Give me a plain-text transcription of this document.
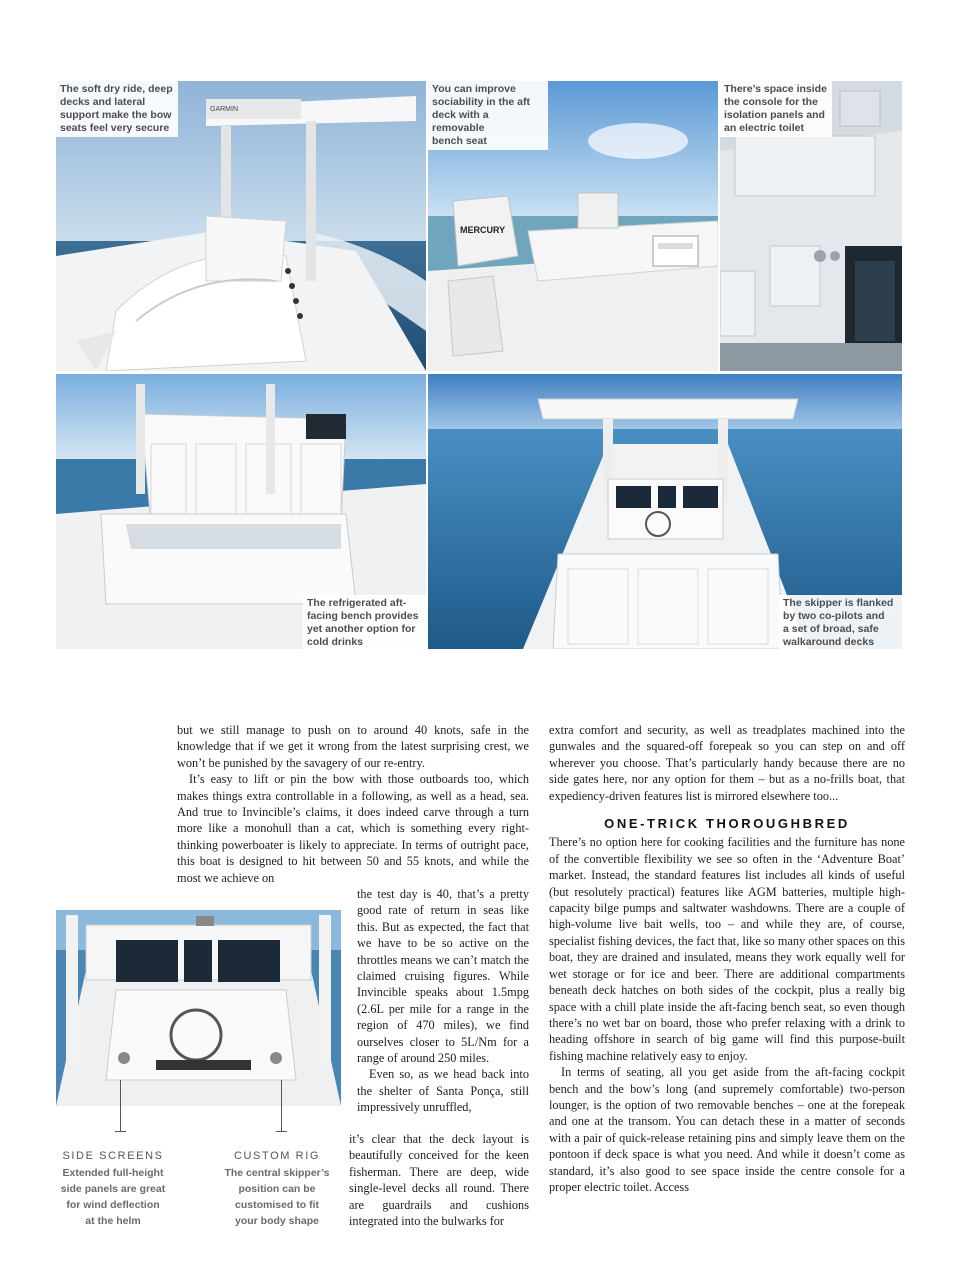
GARMIN
The soft dry ride, deep
decks and lateral
support make the bow
seats feel very secure
MERCURY
You can improve
sociability in the aft
deck with a removable
bench seat
There’s space inside
the console for the
isolation panels and
an electric toilet
The refrigerated aft-
facing bench provides
yet another option for
cold drinks
The skipper is flanked
by two co-pilots and
a set of broad, safe
walkaround decks
SIDE SCREENS
Extended full-height
side panels are great
for wind deflection
at the helm
CUSTOM RIG
The central skipper’s
position can be
customised to fit
your body shape

but we still manage to push on to around 40 knots, safe in the knowledge that if we get it wrong from the latest surprising crest, we won’t be punished by the savagery of our re-entry.

It’s easy to lift or pin the bow with those outboards too, which makes things extra controllable in a following, as well as a head, sea. And true to Invincible’s claims, it does indeed carve through a turn more like a monohull than a cat, which is something every right-thinking powerboater is likely to appreciate. In terms of outright pace, this boat is designed to hit between 50 and 55 knots, and while the most we achieve on

the test day is 40, that’s a pretty good rate of return in seas like this. But as expected, the fact that we have to be so active on the throttles means we can’t match the claimed cruising figures. While Invincible speaks about 1.5mpg (2.6L per mile for a range in the region of 470 miles), we find ourselves closer to 5L/Nm for a range of around 250 miles.

Even so, as we head back into the shelter of Santa Ponça, still impressively unruffled,

it’s clear that the deck layout is beautifully conceived for the keen fisherman. There are deep, wide single-level decks all round. There are guardrails and cushions integrated into the bulwarks for

extra comfort and security, as well as treadplates machined into the gunwales and the squared-off forepeak so you can step on and off wherever you choose. That’s particularly handy because there are no side gates here, nor any option for them – but as a no-frills boat, that expediency-driven features list is mirrored elsewhere too...

ONE-TRICK THOROUGHBRED

There’s no option here for cooking facilities and the furniture has none of the convertible flexibility we see so often in the ‘Adventure Boat’ market. Instead, the standard features list includes all kinds of useful (but resolutely practical) features like AGM batteries, multiple high-capacity bilge pumps and saltwater washdowns. There are a couple of high-volume live bait wells, too – and while they are, of course, specialist fishing devices, the fact that, like so many other spaces on this boat, they are drained and insulated, means they work equally well for wet storage or for ice and beer. There are additional compartments beneath deck hatches on both sides of the cockpit, plus a really big space with a chill plate inside the aft-facing bench seat, so even though there’s no wet bar on board, those who prefer relaxing with a drink to heading offshore in search of big game will find this purpose-built fishing machine relatively easy to enjoy.

In terms of seating, all you get aside from the aft-facing cockpit bench and the bow’s long (and supremely comfortable) two-person lounger, is the option of two removable benches – one at the forepeak and one at the transom. You can detach these in a matter of seconds with a pair of quick-release retaining pins and simply leave them on the pontoon if deck space is what you need. And while it doesn’t come as standard, it’s also good to see space inside the centre console for a proper electric toilet. Access
